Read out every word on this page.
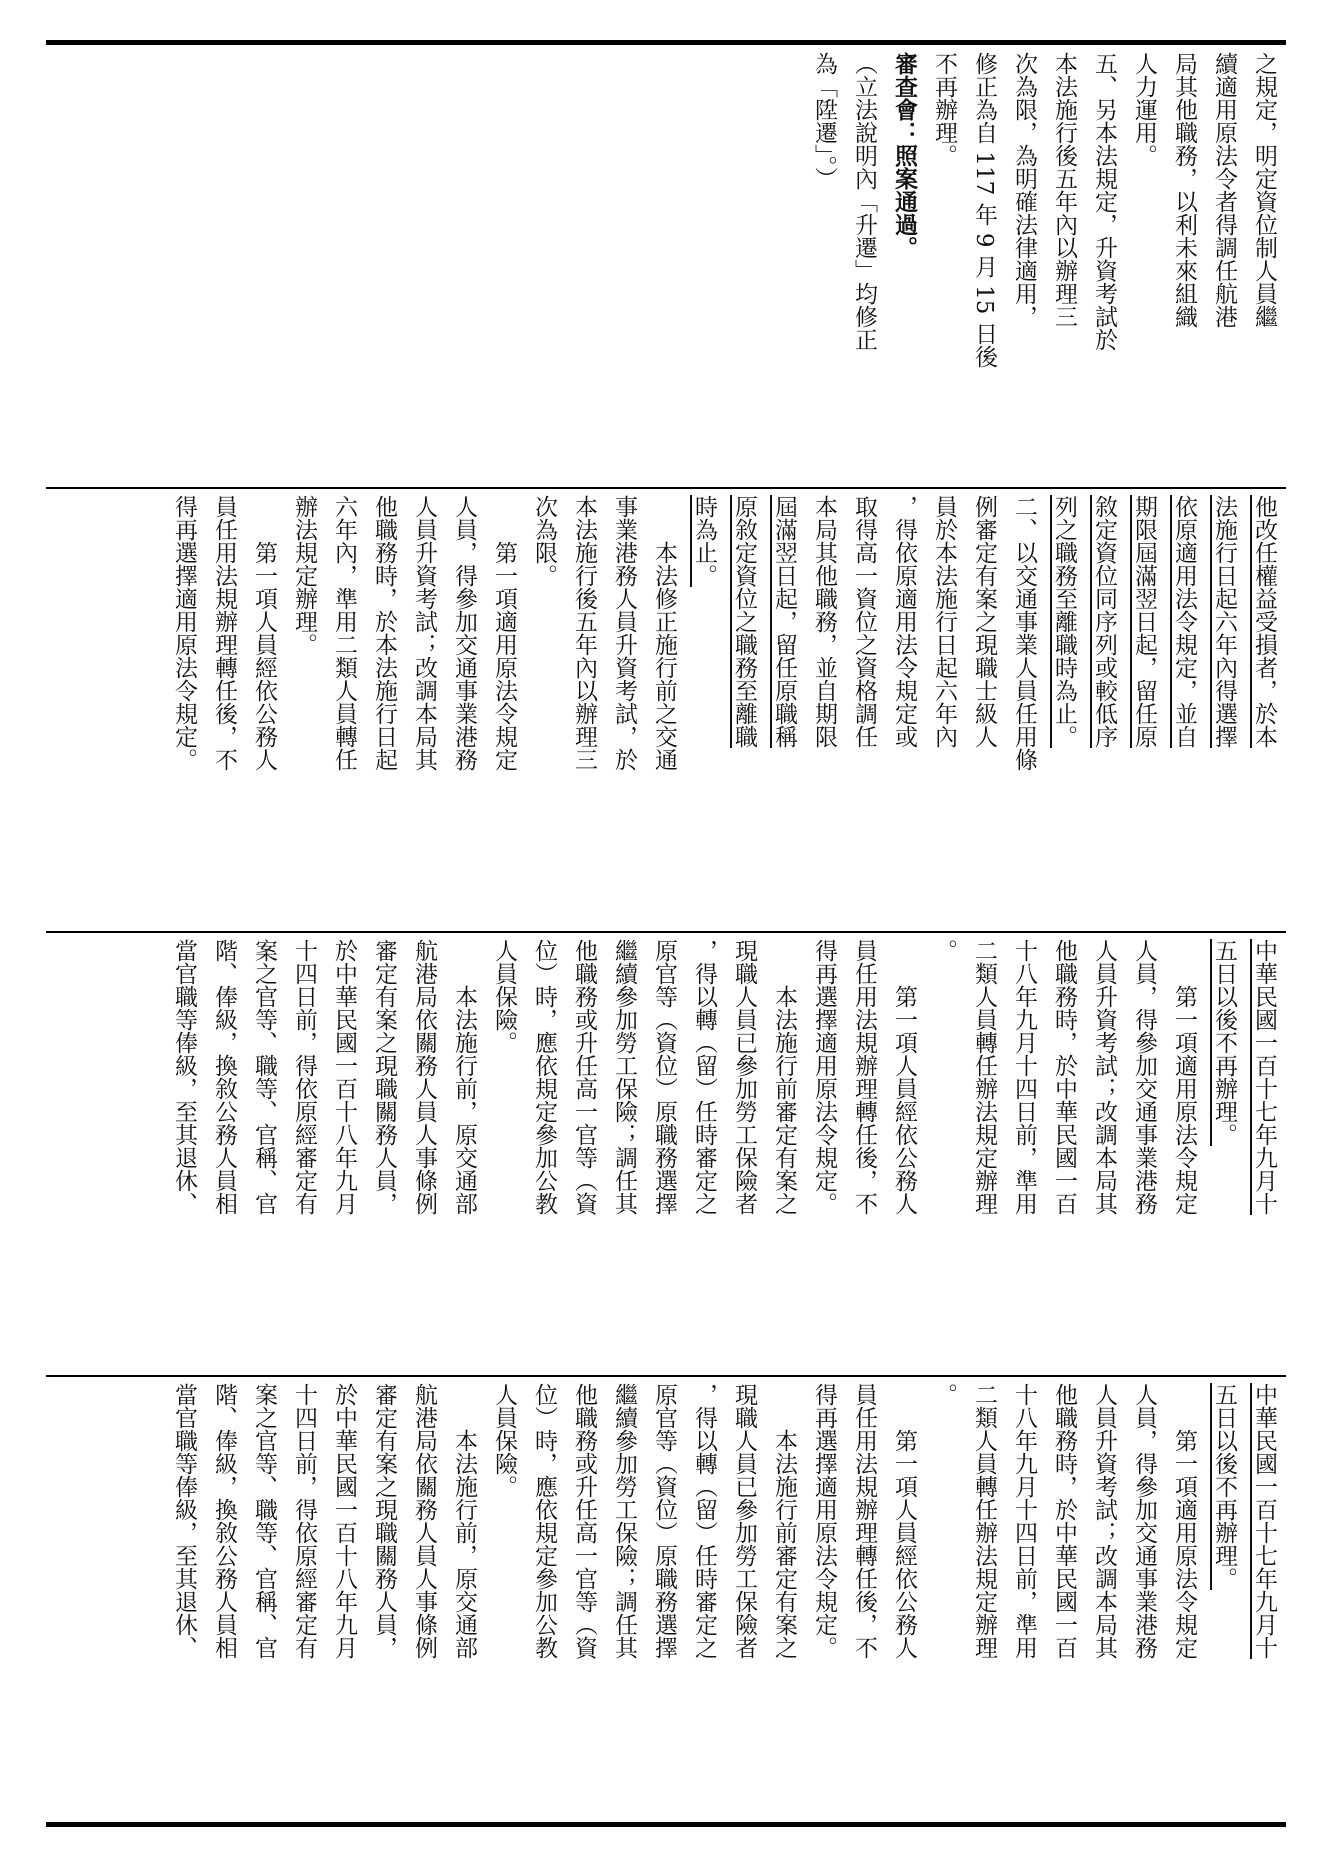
之規定，明定資位制人員繼
續適用原法令者得調任航港
局其他職務，以利未來組織
人力運用。
五、另本法規定，升資考試於
本法施行後五年內以辦理三
次為限，為明確法律適用，
修正為自 117 年 9 月 15 日後
不再辦理。
審查會：照案通過。
（立法說明內「升遷」均修正
為「陞遷」。）
他改任權益受損者，於本
法施行日起六年內得選擇
依原適用法令規定，並自
期限屆滿翌日起，留任原
敘定資位同序列或較低序
列之職務至離職時為止。
二、以交通事業人員任用條
例審定有案之現職士級人
員於本法施行日起六年內
，得依原適用法令規定或
取得高一資位之資格調任
本局其他職務，並自期限
屆滿翌日起，留任原職稱
原敘定資位之職務至離職
時為止。
本法修正施行前之交通
事業港務人員升資考試，於
本法施行後五年內以辦理三
次為限。
第一項適用原法令規定
人員，得參加交通事業港務
人員升資考試；改調本局其
他職務時，於本法施行日起
六年內，準用二類人員轉任
辦法規定辦理。
第一項人員經依公務人
員任用法規辦理轉任後，不
得再選擇適用原法令規定。
中華民國一百十七年九月十
五日以後不再辦理。
第一項適用原法令規定
人員，得參加交通事業港務
人員升資考試；改調本局其
他職務時，於中華民國一百
十八年九月十四日前，準用
二類人員轉任辦法規定辦理
。
第一項人員經依公務人
員任用法規辦理轉任後，不
得再選擇適用原法令規定。
本法施行前審定有案之
現職人員已參加勞工保險者
，得以轉（留）任時審定之
原官等（資位）原職務選擇
繼續參加勞工保險；調任其
他職務或升任高一官等（資
位）時，應依規定參加公教
人員保險。
本法施行前，原交通部
航港局依關務人員人事條例
審定有案之現職關務人員，
於中華民國一百十八年九月
十四日前，得依原經審定有
案之官等、職等、官稱、官
階、俸級，換敘公務人員相
當官職等俸級，至其退休、
中華民國一百十七年九月十
五日以後不再辦理。
第一項適用原法令規定
人員，得參加交通事業港務
人員升資考試；改調本局其
他職務時，於中華民國一百
十八年九月十四日前，準用
二類人員轉任辦法規定辦理
。
第一項人員經依公務人
員任用法規辦理轉任後，不
得再選擇適用原法令規定。
本法施行前審定有案之
現職人員已參加勞工保險者
，得以轉（留）任時審定之
原官等（資位）原職務選擇
繼續參加勞工保險；調任其
他職務或升任高一官等（資
位）時，應依規定參加公教
人員保險。
本法施行前，原交通部
航港局依關務人員人事條例
審定有案之現職關務人員，
於中華民國一百十八年九月
十四日前，得依原經審定有
案之官等、職等、官稱、官
階、俸級，換敘公務人員相
當官職等俸級，至其退休、
